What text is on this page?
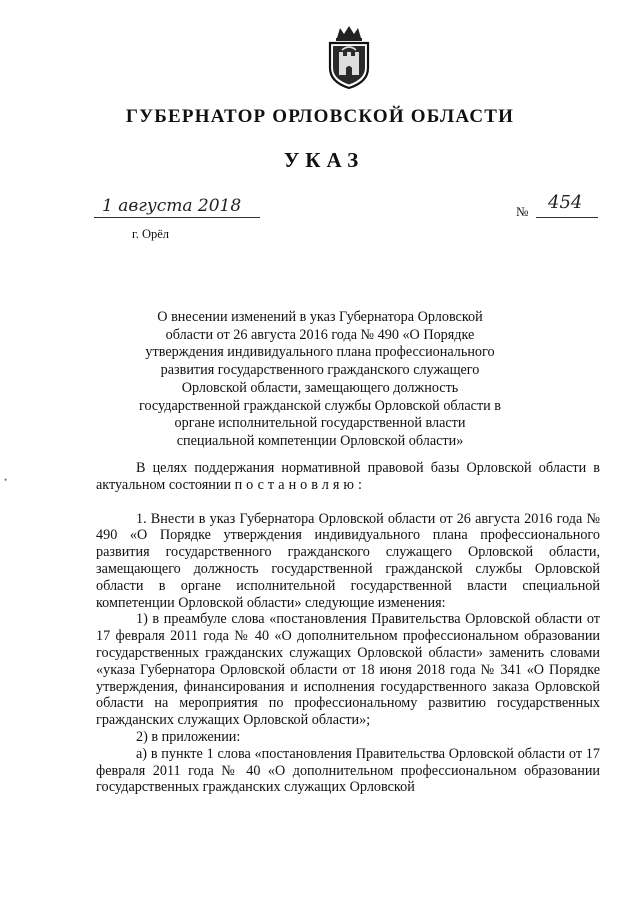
ГУБЕРНАТОР ОРЛОВСКОЙ ОБЛАСТИ
УКАЗ
1 августа 2018
г. Орёл
№ 454
О внесении изменений в указ Губернатора Орловской области от 26 августа 2016 года № 490 «О Порядке утверждения индивидуального плана профессионального развития государственного гражданского служащего Орловской области, замещающего должность государственной гражданской службы Орловской области в органе исполнительной государственной власти специальной компетенции Орловской области»
•

В целях поддержания нормативной правовой базы Орловской области в актуальном состоянии постановляю:

1. Внести в указ Губернатора Орловской области от 26 августа 2016 года № 490 «О Порядке утверждения индивидуального плана профессионального развития государственного гражданского служащего Орловской области, замещающего должность государственной гражданской службы Орловской области в органе исполнительной государственной власти специальной компетенции Орловской области» следующие изменения:

1) в преамбуле слова «постановления Правительства Орловской области от 17 февраля 2011 года № 40 «О дополнительном профессиональном образовании государственных гражданских служащих Орловской области» заменить словами «указа Губернатора Орловской области от 18 июня 2018 года № 341 «О Порядке утверждения, финансирования и исполнения государственного заказа Орловской области на мероприятия по профессиональному развитию государственных гражданских служащих Орловской области»;

2) в приложении:

а) в пункте 1 слова «постановления Правительства Орловской области от 17 февраля 2011 года № 40 «О дополнительном профессиональном образовании государственных гражданских служащих Орловской
